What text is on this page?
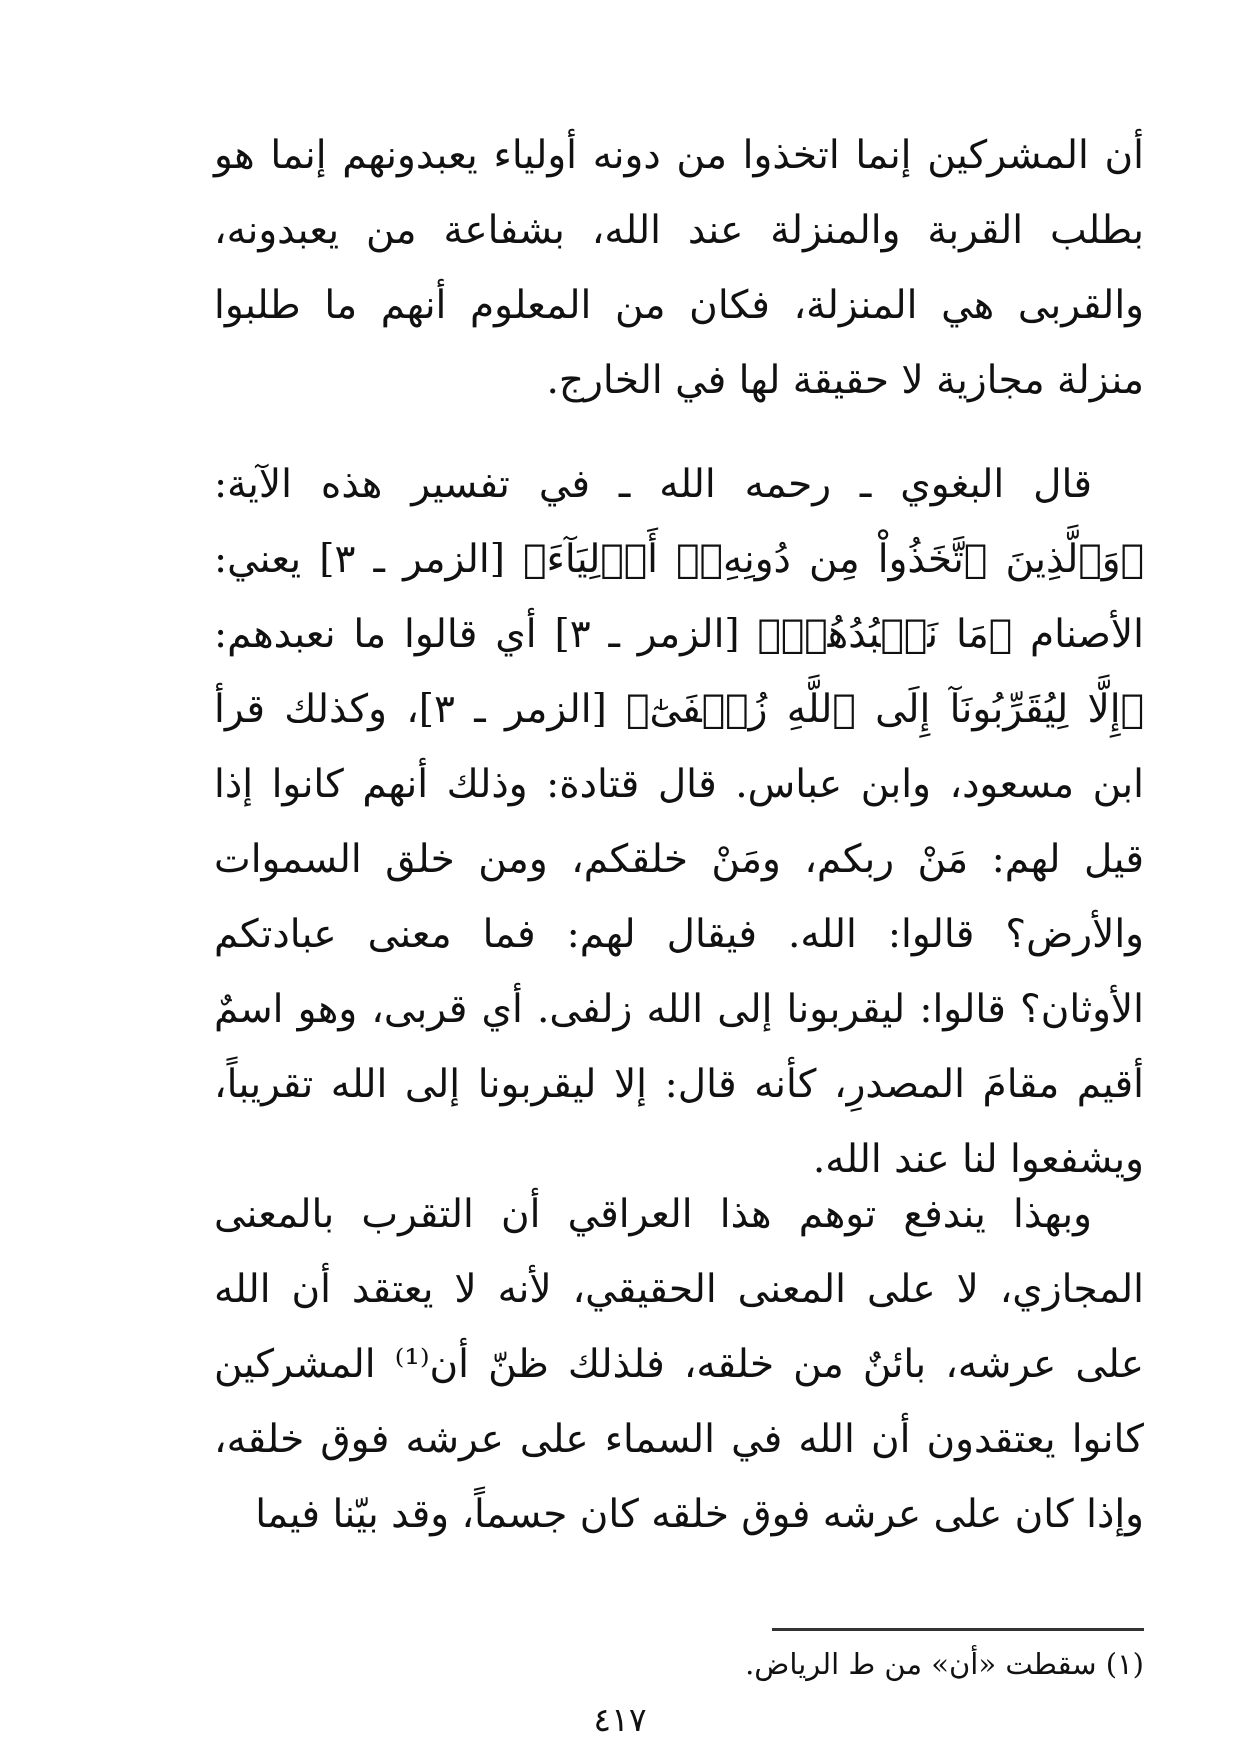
أن المشركين إنما اتخذوا من دونه أولياء يعبدونهم إنما هو بطلب القربة والمنزلة عند الله، بشفاعة من يعبدونه، والقربى هي المنزلة، فكان من المعلوم أنهم ما طلبوا منزلة مجازية لا حقيقة لها في الخارج.

قال البغوي ـ رحمه الله ـ في تفسير هذه الآية: ﴿وَٱلَّذِينَ ٱتَّخَذُواْ مِن دُونِهِۦٓ أَوۡلِيَآءَ﴾ [الزمر ـ ٣] يعني: الأصنام ﴿مَا نَعۡبُدُهُمۡ﴾ [الزمر ـ ٣] أي قالوا ما نعبدهم: ﴿إِلَّا لِيُقَرِّبُونَآ إِلَى ٱللَّهِ زُلۡفَىٰٓ﴾ [الزمر ـ ٣]، وكذلك قرأ ابن مسعود، وابن عباس. قال قتادة: وذلك أنهم كانوا إذا قيل لهم: مَنْ ربكم، ومَنْ خلقكم، ومن خلق السموات والأرض؟ قالوا: الله. فيقال لهم: فما معنى عبادتكم الأوثان؟ قالوا: ليقربونا إلى الله زلفى. أي قربى، وهو اسمٌ أقيم مقامَ المصدرِ، كأنه قال: إلا ليقربونا إلى الله تقريباً، ويشفعوا لنا عند الله.

وبهذا يندفع توهم هذا العراقي أن التقرب بالمعنى المجازي، لا على المعنى الحقيقي، لأنه لا يعتقد أن الله على عرشه، بائنٌ من خلقه، فلذلك ظنّ أن⁽¹⁾ المشركين كانوا يعتقدون أن الله في السماء على عرشه فوق خلقه، وإذا كان على عرشه فوق خلقه كان جسماً، وقد بيّنا فيما

(١) سقطت «أن» من ط الرياض.

٤١٧
